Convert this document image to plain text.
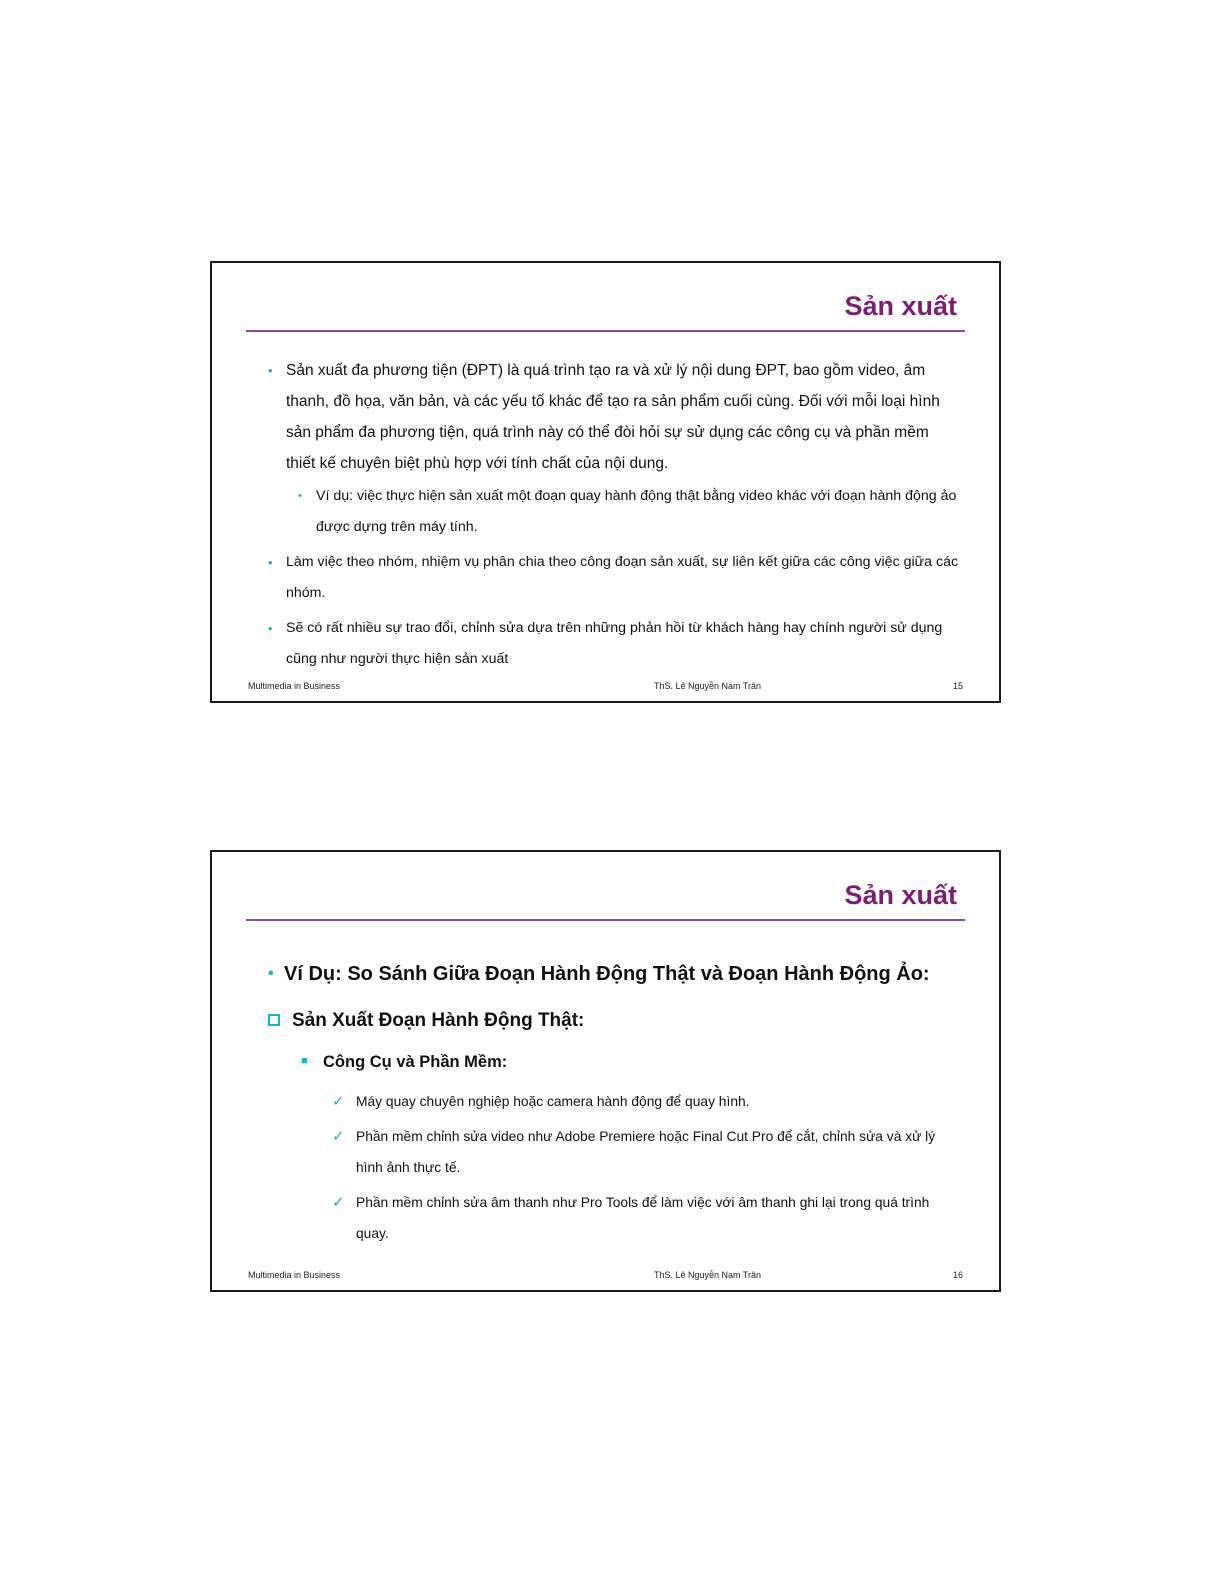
Sản xuất
• Sản xuất đa phương tiện (ĐPT) là quá trình tạo ra và xử lý nội dung ĐPT, bao gồm video, âm thanh, đồ họa, văn bản, và các yếu tố khác để tạo ra sản phẩm cuối cùng. Đối với mỗi loại hình sản phẩm đa phương tiện, quá trình này có thể đòi hỏi sự sử dụng các công cụ và phần mềm thiết kế chuyên biệt phù hợp với tính chất của nội dung.
• Ví dụ: việc thực hiện sản xuất một đoạn quay hành động thật bằng video khác với đoạn hành động ảo được dựng trên máy tính.
• Làm việc theo nhóm, nhiệm vụ phân chia theo công đoạn sản xuất, sự liên kết giữa các công việc giữa các nhóm.
• Sẽ có rất nhiều sự trao đổi, chỉnh sửa dựa trên những phản hồi từ khách hàng hay chính người sử dụng cũng như người thực hiện sản xuất
Multimedia in Business	ThS. Lê Nguyễn Nam Trân	15
Sản xuất
• Ví Dụ: So Sánh Giữa Đoạn Hành Động Thật và Đoạn Hành Động Ảo:
Sản Xuất Đoạn Hành Động Thật:
■ Công Cụ và Phần Mềm:
✓ Máy quay chuyên nghiệp hoặc camera hành động để quay hình.
✓ Phần mềm chỉnh sửa video như Adobe Premiere hoặc Final Cut Pro để cắt, chỉnh sửa và xử lý hình ảnh thực tế.
✓ Phần mềm chỉnh sửa âm thanh như Pro Tools để làm việc với âm thanh ghi lại trong quá trình quay.
Multimedia in Business	ThS. Lê Nguyễn Nam Trân	16
